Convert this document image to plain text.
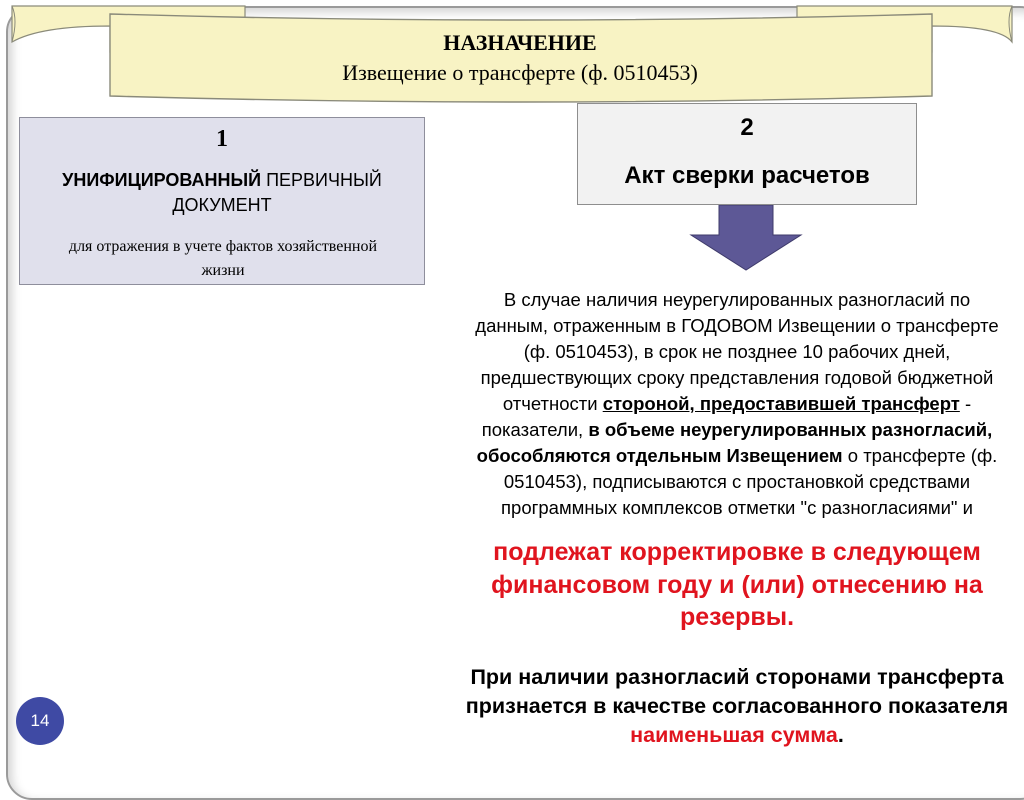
НАЗНАЧЕНИЕ
Извещение о трансферте (ф. 0510453)
1
УНИФИЦИРОВАННЫЙ ПЕРВИЧНЫЙ
ДОКУМЕНТ
для отражения в учете фактов хозяйственной
жизни
2
Акт сверки расчетов
В случае наличия неурегулированных разногласий по
данным, отраженным в ГОДОВОМ Извещении о трансферте
(ф. 0510453), в срок не позднее 10 рабочих дней,
предшествующих сроку представления годовой бюджетной
отчетности стороной, предоставившей трансферт -
показатели, в объеме неурегулированных разногласий,
обособляются отдельным Извещением о трансферте (ф.
0510453), подписываются с простановкой средствами
программных комплексов отметки "с разногласиями" и
подлежат корректировке в следующем
финансовом году и (или) отнесению на
резервы.
При наличии разногласий сторонами трансферта
признается в качестве согласованного показателя
наименьшая сумма.
14
